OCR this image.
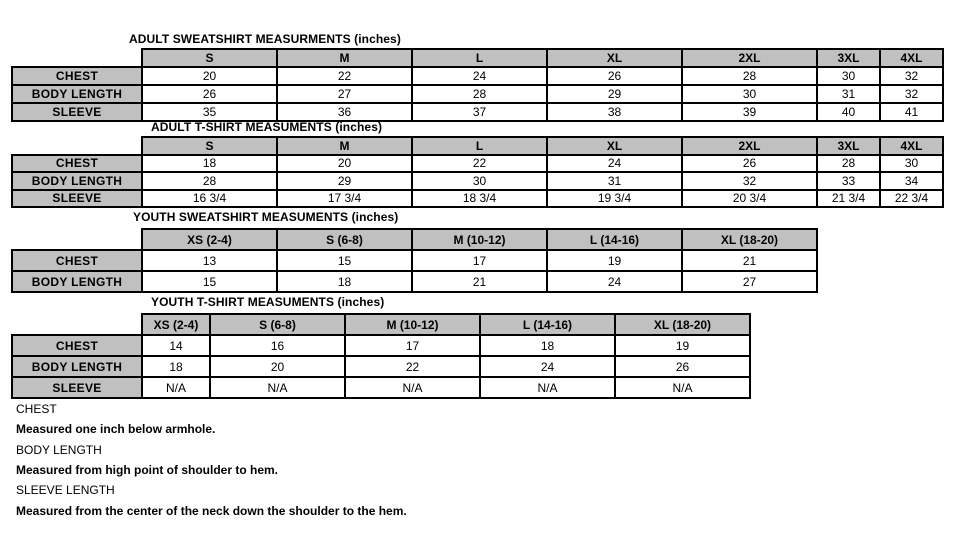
ADULT SWEATSHIRT MEASURMENTS (inches)
	S	M	L	XL	2XL	3XL	4XL
CHEST	20	22	24	26	28	30	32
BODY LENGTH	26	27	28	29	30	31	32
SLEEVE	35	36	37	38	39	40	41
ADULT T-SHIRT MEASUMENTS (inches)
	S	M	L	XL	2XL	3XL	4XL
CHEST	18	20	22	24	26	28	30
BODY LENGTH	28	29	30	31	32	33	34
SLEEVE	16 3/4	17 3/4	18 3/4	19 3/4	20 3/4	21 3/4	22 3/4
YOUTH SWEATSHIRT MEASUMENTS (inches)
	XS (2-4)	S (6-8)	M (10-12)	L (14-16)	XL (18-20)
CHEST	13	15	17	19	21
BODY LENGTH	15	18	21	24	27
YOUTH T-SHIRT MEASUMENTS (inches)
	XS (2-4)	S (6-8)	M (10-12)	L (14-16)	XL (18-20)
CHEST	14	16	17	18	19
BODY LENGTH	18	20	22	24	26
SLEEVE	N/A	N/A	N/A	N/A	N/A
CHEST
Measured one inch below armhole.
BODY LENGTH
Measured from high point of shoulder to hem.
SLEEVE LENGTH
Measured from the center of the neck down the shoulder to the hem.
